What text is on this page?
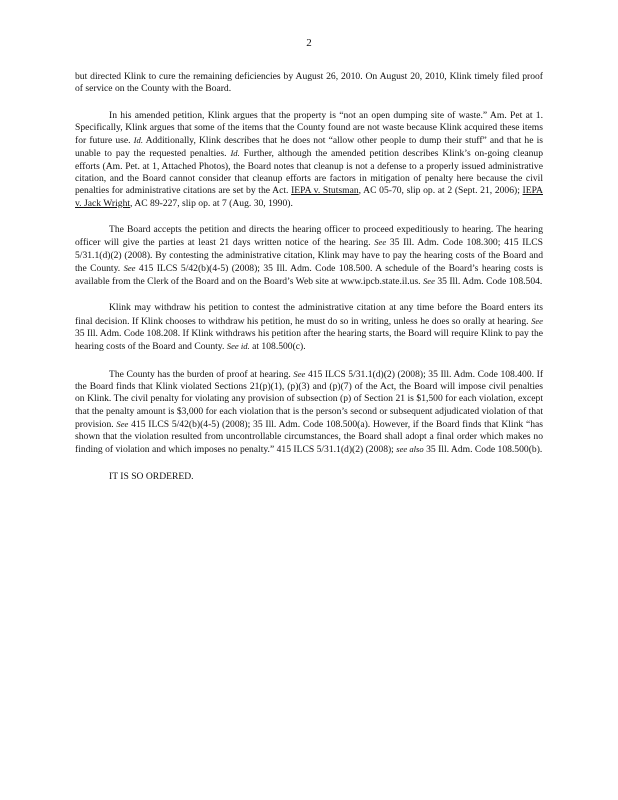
2

but directed Klink to cure the remaining deficiencies by August 26, 2010. On August 20, 2010, Klink timely filed proof of service on the County with the Board.

In his amended petition, Klink argues that the property is “not an open dumping site of waste.” Am. Pet at 1. Specifically, Klink argues that some of the items that the County found are not waste because Klink acquired these items for future use. Id. Additionally, Klink describes that he does not “allow other people to dump their stuff” and that he is unable to pay the requested penalties. Id. Further, although the amended petition describes Klink’s on-going cleanup efforts (Am. Pet. at 1, Attached Photos), the Board notes that cleanup is not a defense to a properly issued administrative citation, and the Board cannot consider that cleanup efforts are factors in mitigation of penalty here because the civil penalties for administrative citations are set by the Act. IEPA v. Stutsman, AC 05-70, slip op. at 2 (Sept. 21, 2006); IEPA v. Jack Wright, AC 89-227, slip op. at 7 (Aug. 30, 1990).

The Board accepts the petition and directs the hearing officer to proceed expeditiously to hearing. The hearing officer will give the parties at least 21 days written notice of the hearing. See 35 Ill. Adm. Code 108.300; 415 ILCS 5/31.1(d)(2) (2008). By contesting the administrative citation, Klink may have to pay the hearing costs of the Board and the County. See 415 ILCS 5/42(b)(4-5) (2008); 35 Ill. Adm. Code 108.500. A schedule of the Board’s hearing costs is available from the Clerk of the Board and on the Board’s Web site at www.ipcb.state.il.us. See 35 Ill. Adm. Code 108.504.

Klink may withdraw his petition to contest the administrative citation at any time before the Board enters its final decision. If Klink chooses to withdraw his petition, he must do so in writing, unless he does so orally at hearing. See 35 Ill. Adm. Code 108.208. If Klink withdraws his petition after the hearing starts, the Board will require Klink to pay the hearing costs of the Board and County. See id. at 108.500(c).

The County has the burden of proof at hearing. See 415 ILCS 5/31.1(d)(2) (2008); 35 Ill. Adm. Code 108.400. If the Board finds that Klink violated Sections 21(p)(1), (p)(3) and (p)(7) of the Act, the Board will impose civil penalties on Klink. The civil penalty for violating any provision of subsection (p) of Section 21 is $1,500 for each violation, except that the penalty amount is $3,000 for each violation that is the person’s second or subsequent adjudicated violation of that provision. See 415 ILCS 5/42(b)(4-5) (2008); 35 Ill. Adm. Code 108.500(a). However, if the Board finds that Klink “has shown that the violation resulted from uncontrollable circumstances, the Board shall adopt a final order which makes no finding of violation and which imposes no penalty.” 415 ILCS 5/31.1(d)(2) (2008); see also 35 Ill. Adm. Code 108.500(b).

IT IS SO ORDERED.
